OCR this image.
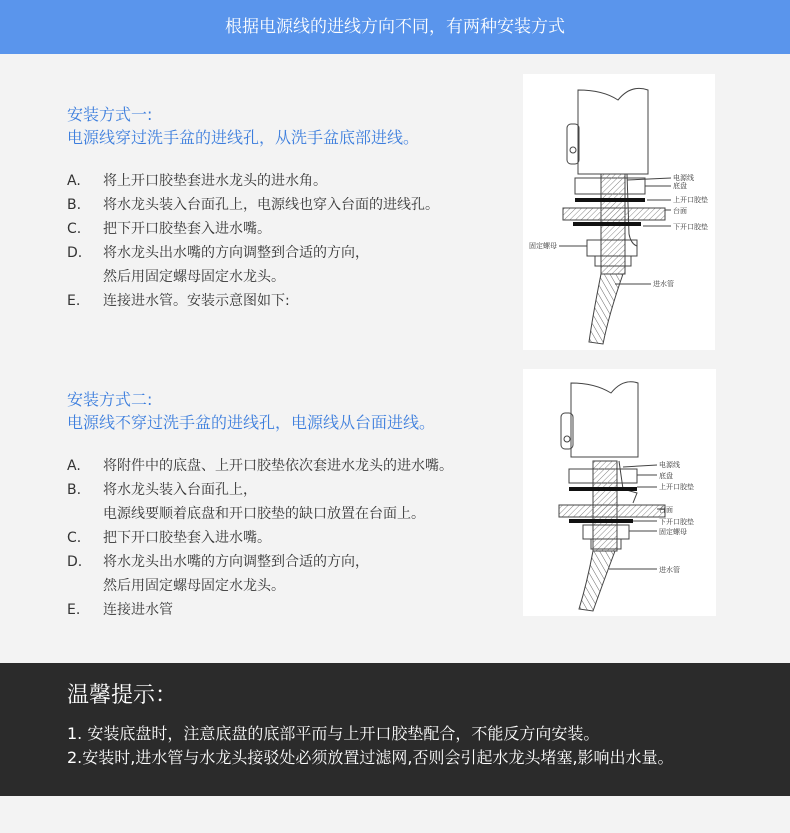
根据电源线的进线方向不同，有两种安装方式
安装方式一:
电源线穿过洗手盆的进线孔，从洗手盆底部进线。
A.	将上开口胶垫套进水龙头的进水角。
B.	将水龙头装入台面孔上，电源线也穿入台面的进线孔。
C.	把下开口胶垫套入进水嘴。
D.	将水龙头出水嘴的方向调整到合适的方向，
然后用固定螺母固定水龙头。
E.	连接进水管。安装示意图如下:
电源线
底盘
上开口胶垫
台面
下开口胶垫
固定螺母
进水管
安装方式二:
电源线不穿过洗手盆的进线孔，电源线从台面进线。
A.	将附件中的底盘、上开口胶垫依次套进水龙头的进水嘴。
B.	将水龙头装入台面孔上，
电源线要顺着底盘和开口胶垫的缺口放置在台面上。
C.	把下开口胶垫套入进水嘴。
D.	将水龙头出水嘴的方向调整到合适的方向，
然后用固定螺母固定水龙头。
E.	连接进水管
电源线
底盘
上开口胶垫
台面
下开口胶垫
固定螺母
进水管
温馨提示：
1. 安装底盘时，注意底盘的底部平而与上开口胶垫配合，不能反方向安装。
2.安装时,进水管与水龙头接驳处必须放置过滤网,否则会引起水龙头堵塞,影响出水量。
